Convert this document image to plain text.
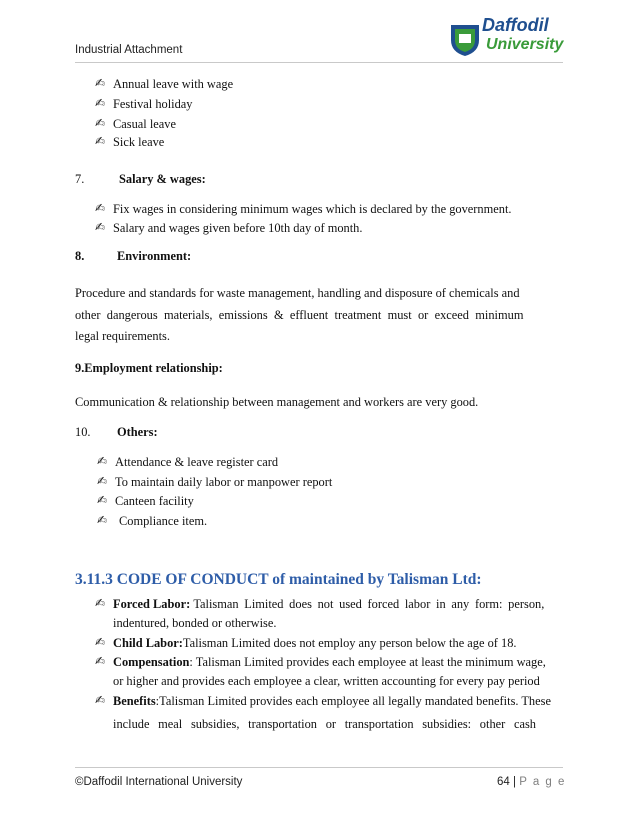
Industrial Attachment
Daffodil
University
✍ Annual leave with wage
✍ Festival holiday
✍ Casual leave
✍ Sick leave
7.	Salary & wages:
✍ Fix wages in considering minimum wages which is declared by the government.
✍ Salary and wages given before 10th day of month.
8.	Environment:
Procedure and standards for waste management, handling and disposure of chemicals and
other dangerous materials, emissions & effluent treatment must or exceed minimum
legal requirements.
9.Employment relationship:
Communication & relationship between management and workers are very good.
10. Others:
✍ Attendance & leave register card
✍ To maintain daily labor or manpower report
✍ Canteen facility
✍ Compliance item.
3.11.3 CODE OF CONDUCT of maintained by Talisman Ltd:
✍ Forced Labor: Talisman Limited does not used forced labor in any form: person,
indentured, bonded or otherwise.
✍ Child Labor:Talisman Limited does not employ any person below the age of 18.
✍ Compensation: Talisman Limited provides each employee at least the minimum wage,
or higher and provides each employee a clear, written accounting for every pay period
✍ Benefits:Talisman Limited provides each employee all legally mandated benefits. These
include meal subsidies, transportation or transportation subsidies: other cash
©Daffodil International University	64 | P a g e
